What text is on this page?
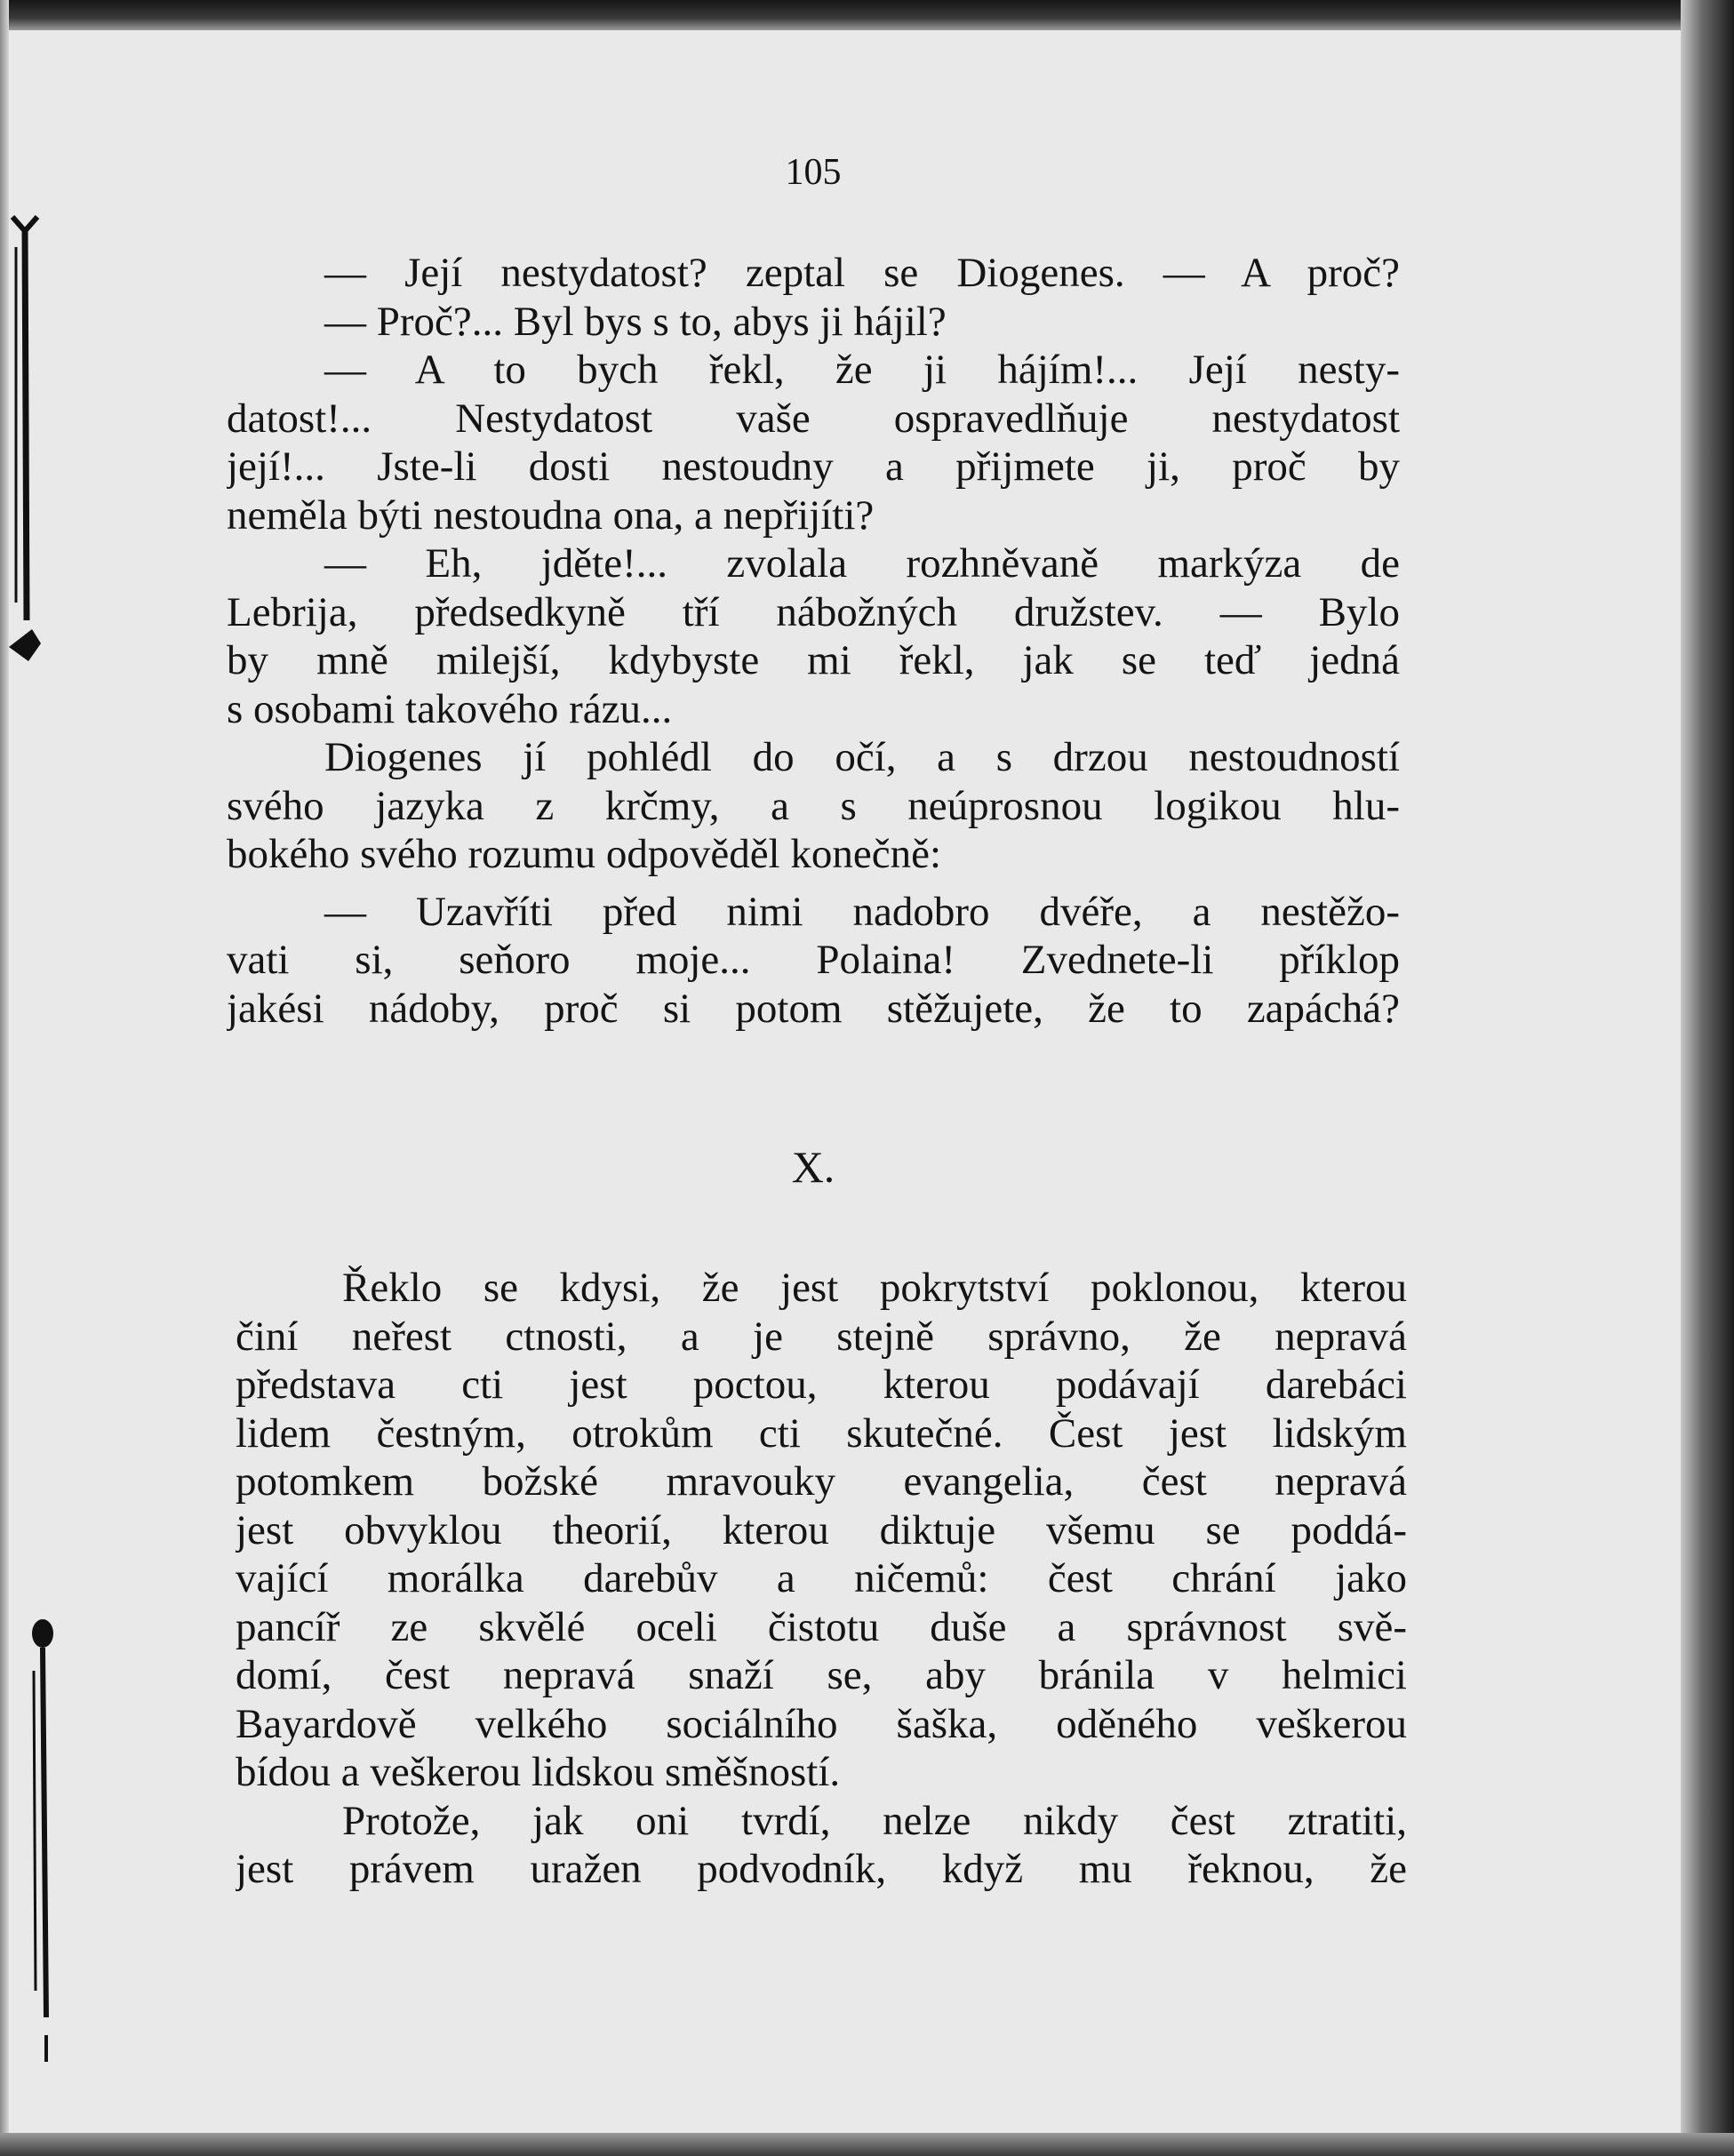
105
— Její nestydatost? zeptal se Diogenes. — A proč?
— Proč?... Byl bys s to, abys ji hájil?
— A to bych řekl, že ji hájím!... Její nesty-
datost!... Nestydatost vaše ospravedlňuje nestydatost
její!... Jste-li dosti nestoudny a přijmete ji, proč by
neměla býti nestoudna ona, a nepřijíti?
— Eh, jděte!... zvolala rozhněvaně markýza de
Lebrija, předsedkyně tří nábožných družstev. — Bylo
by mně milejší, kdybyste mi řekl, jak se teď jedná
s osobami takového rázu...
Diogenes jí pohlédl do očí, a s drzou nestoudností
svého jazyka z krčmy, a s neúprosnou logikou hlu-
bokého svého rozumu odpověděl konečně:
— Uzavříti před nimi nadobro dvéře, a nestěžo-
vati si, seňoro moje... Polaina! Zvednete-li příklop
jakési nádoby, proč si potom stěžujete, že to zapáchá?
X.
Řeklo se kdysi, že jest pokrytství poklonou, kterou
činí neřest ctnosti, a je stejně správno, že nepravá
představa cti jest poctou, kterou podávají darebáci
lidem čestným, otrokům cti skutečné. Čest jest lidským
potomkem božské mravouky evangelia, čest nepravá
jest obvyklou theorií, kterou diktuje všemu se poddá-
vající morálka darebův a ničemů: čest chrání jako
pancíř ze skvělé oceli čistotu duše a správnost svě-
domí, čest nepravá snaží se, aby bránila v helmici
Bayardově velkého sociálního šaška, oděného veškerou
bídou a veškerou lidskou směšností.
Protože, jak oni tvrdí, nelze nikdy čest ztratiti,
jest právem uražen podvodník, když mu řeknou, že
